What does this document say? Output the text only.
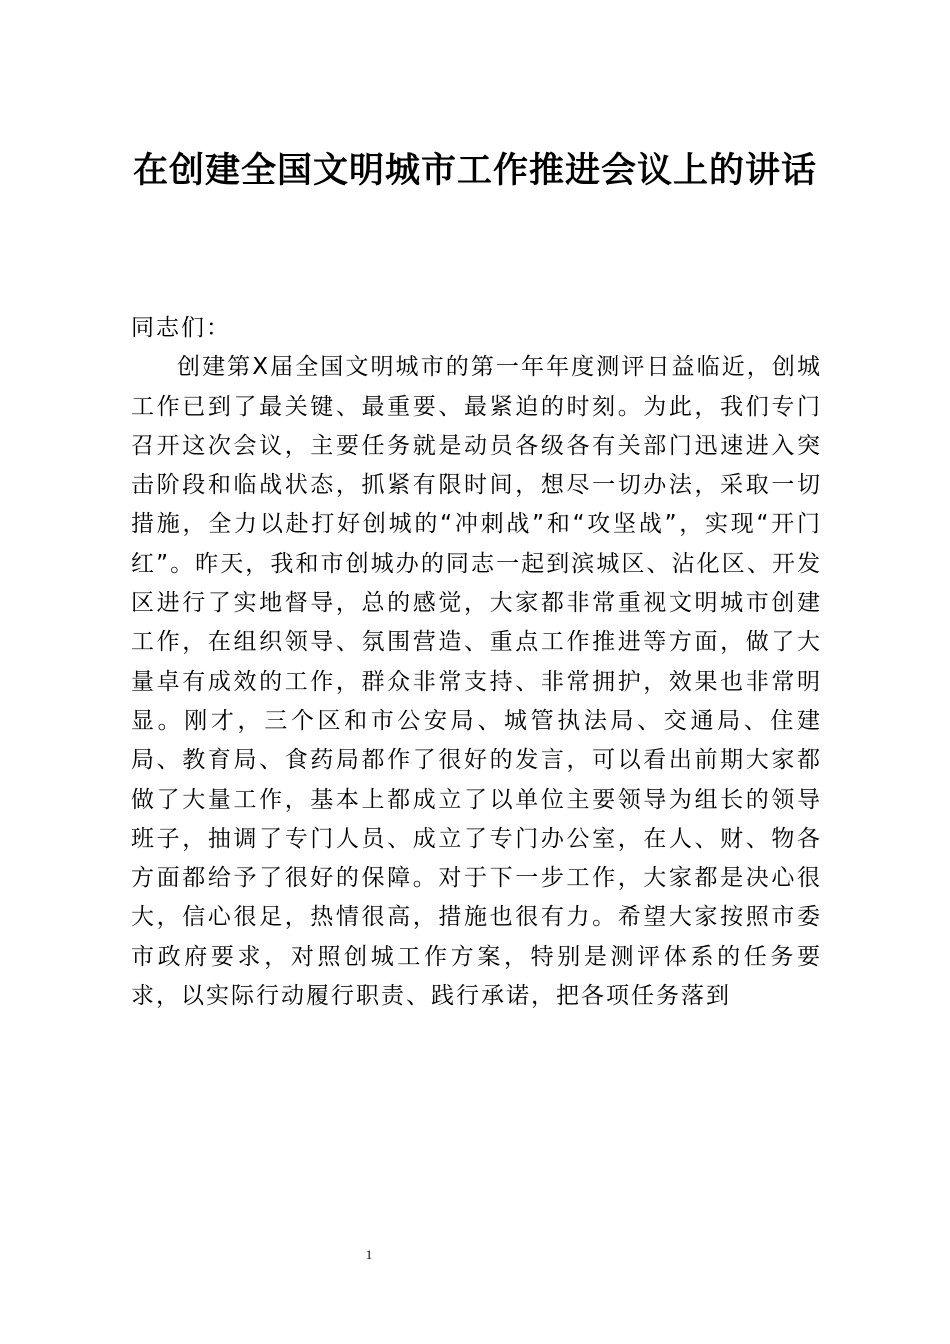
在创建全国文明城市工作推进会议上的讲话

同志们：

创建第X届全国文明城市的第一年年度测评日益临近，创城工作已到了最关键、最重要、最紧迫的时刻。为此，我们专门召开这次会议，主要任务就是动员各级各有关部门迅速进入突击阶段和临战状态，抓紧有限时间，想尽一切办法，采取一切措施，全力以赴打好创城的“冲刺战”和“攻坚战”，实现“开门红”。昨天，我和市创城办的同志一起到滨城区、沾化区、开发区进行了实地督导，总的感觉，大家都非常重视文明城市创建工作，在组织领导、氛围营造、重点工作推进等方面，做了大量卓有成效的工作，群众非常支持、非常拥护，效果也非常明显。刚才，三个区和市公安局、城管执法局、交通局、住建局、教育局、食药局都作了很好的发言，可以看出前期大家都做了大量工作，基本上都成立了以单位主要领导为组长的领导班子，抽调了专门人员、成立了专门办公室，在人、财、物各方面都给予了很好的保障。对于下一步工作，大家都是决心很大，信心很足，热情很高，措施也很有力。希望大家按照市委市政府要求，对照创城工作方案，特别是测评体系的任务要求，以实际行动履行职责、践行承诺，把各项任务落到

1
